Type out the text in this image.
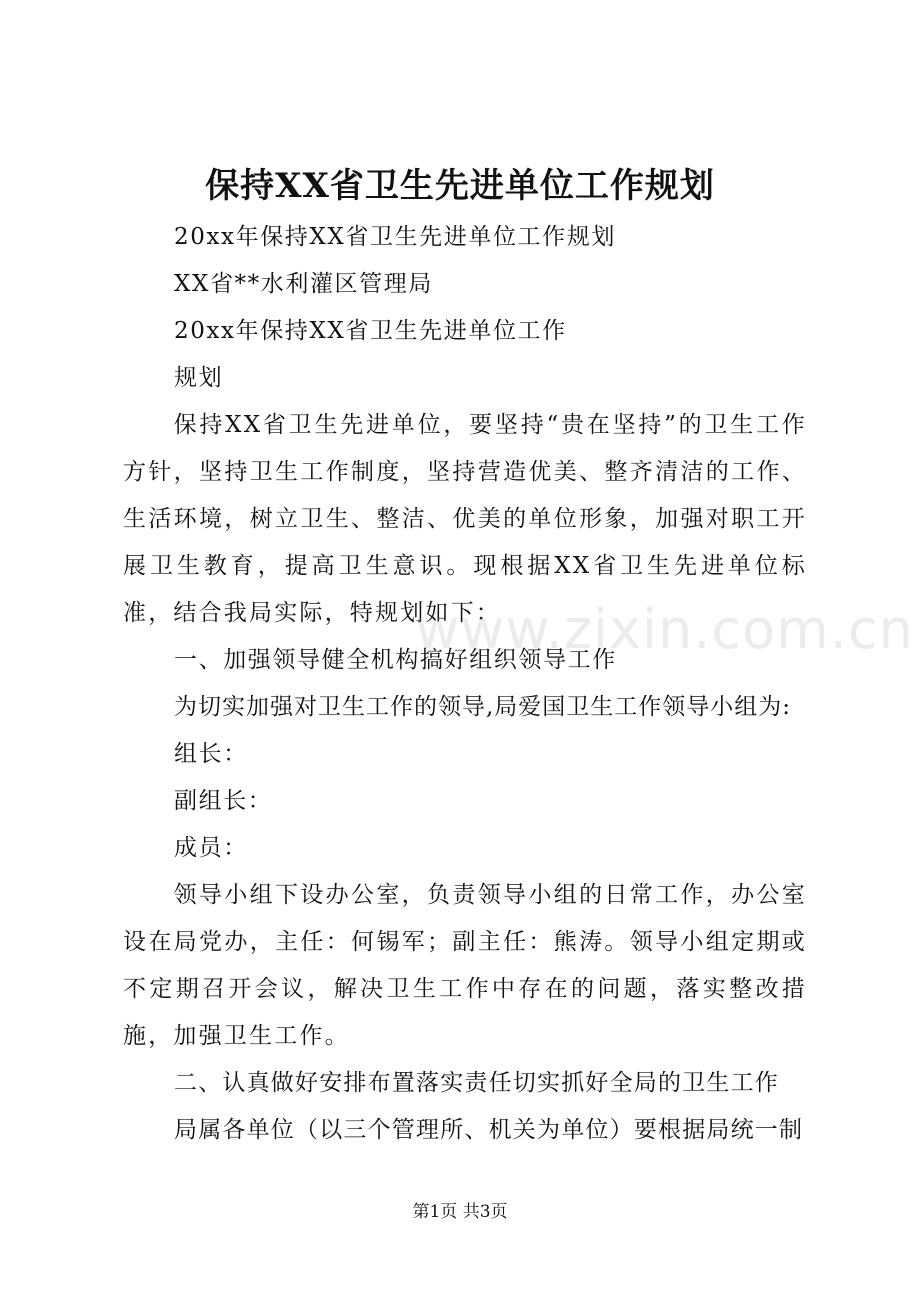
保持XX省卫生先进单位工作规划

20xx年保持XX省卫生先进单位工作规划

XX省**水利灌区管理局

20xx年保持XX省卫生先进单位工作

规划

保持XX省卫生先进单位，要坚持“贵在坚持”的卫生工作方针，坚持卫生工作制度，坚持营造优美、整齐清洁的工作、生活环境，树立卫生、整洁、优美的单位形象，加强对职工开展卫生教育，提高卫生意识。现根据XX省卫生先进单位标准，结合我局实际，特规划如下：

一、加强领导健全机构搞好组织领导工作

为切实加强对卫生工作的领导,局爱国卫生工作领导小组为:

组长：

副组长：

成员：

领导小组下设办公室，负责领导小组的日常工作，办公室设在局党办，主任：何锡军；副主任：熊涛。领导小组定期或不定期召开会议，解决卫生工作中存在的问题，落实整改措施，加强卫生工作。

二、认真做好安排布置落实责任切实抓好全局的卫生工作

局属各单位（以三个管理所、机关为单位）要根据局统一制

www.zixin.com.cn
第1页 共3页
